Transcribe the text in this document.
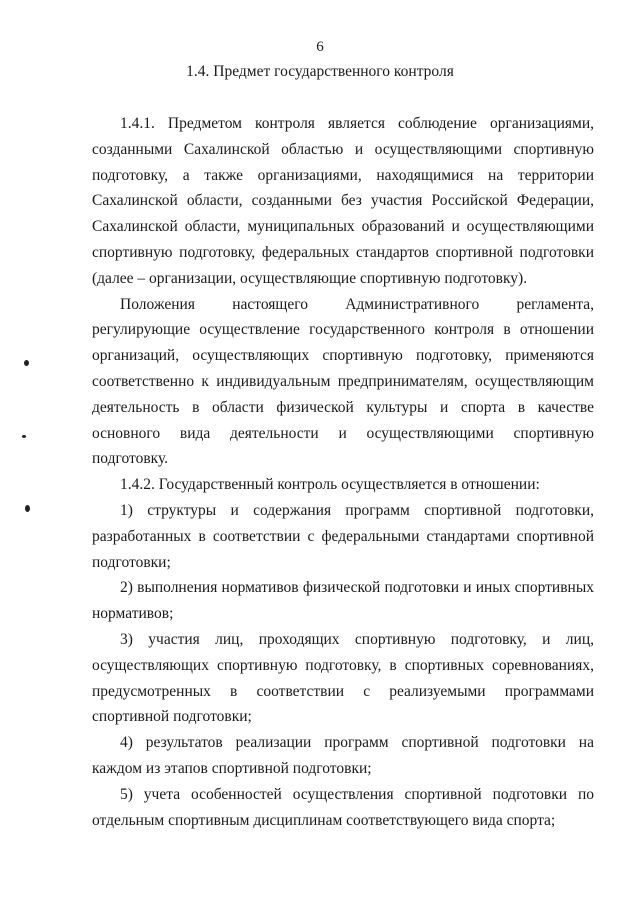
6
1.4. Предмет государственного контроля

1.4.1. Предметом контроля является соблюдение организациями, созданными Сахалинской областью и осуществляющими спортивную подготовку, а также организациями, находящимися на территории Сахалинской области, созданными без участия Российской Федерации, Сахалинской области, муниципальных образований и осуществляющими спортивную подготовку, федеральных стандартов спортивной подготовки (далее – организации, осуществляющие спортивную подготовку).

Положения настоящего Административного регламента, регулирующие осуществление государственного контроля в отношении организаций, осуществляющих спортивную подготовку, применяются соответственно к индивидуальным предпринимателям, осуществляющим деятельность в области физической культуры и спорта в качестве основного вида деятельности и осуществляющими спортивную подготовку.

1.4.2. Государственный контроль осуществляется в отношении:

1) структуры и содержания программ спортивной подготовки, разработанных в соответствии с федеральными стандартами спортивной подготовки;

2) выполнения нормативов физической подготовки и иных спортивных нормативов;

3) участия лиц, проходящих спортивную подготовку, и лиц, осуществляющих спортивную подготовку, в спортивных соревнованиях, предусмотренных в соответствии с реализуемыми программами спортивной подготовки;

4) результатов реализации программ спортивной подготовки на каждом из этапов спортивной подготовки;

5) учета особенностей осуществления спортивной подготовки по отдельным спортивным дисциплинам соответствующего вида спорта;
